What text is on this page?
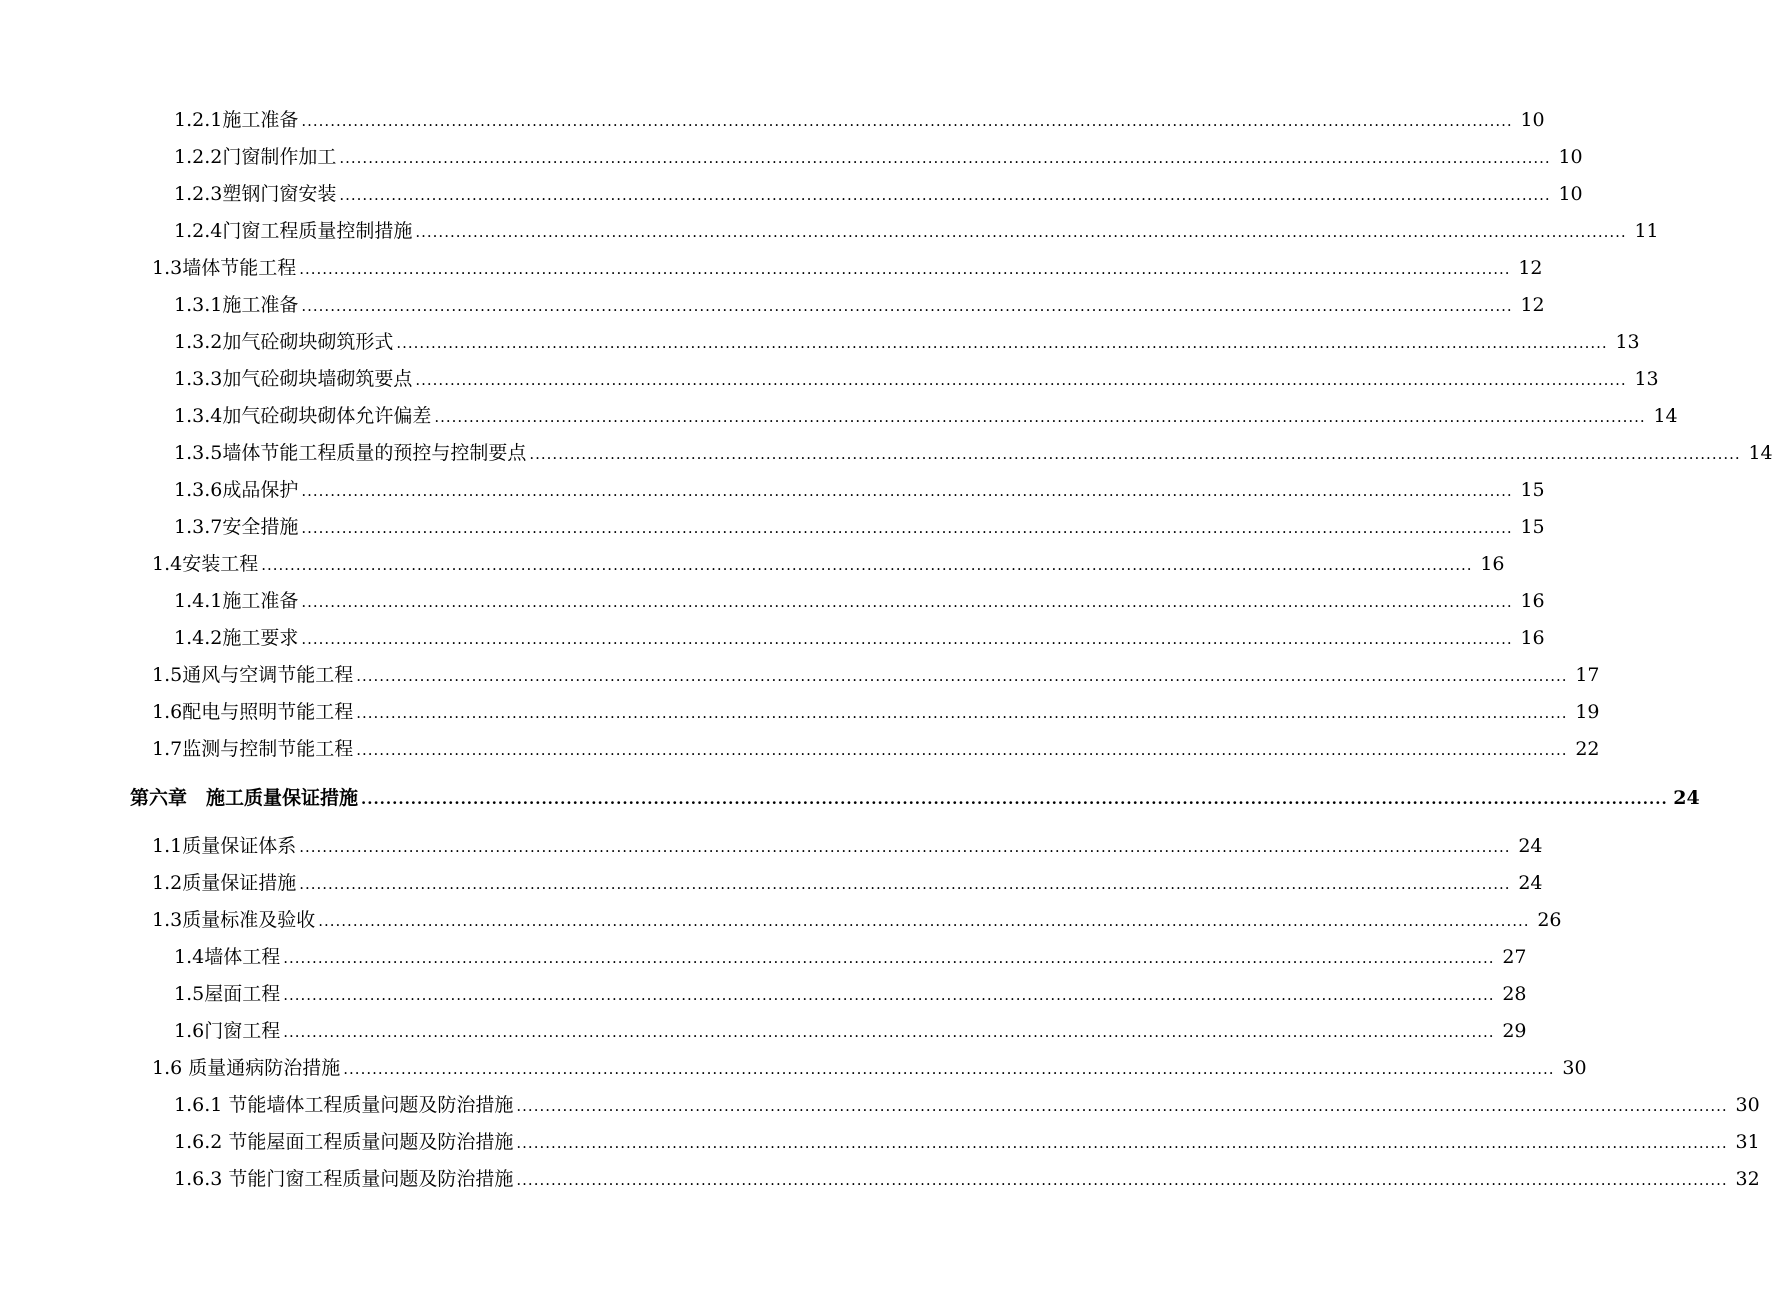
1.2.1施工准备 .....	10
1.2.2门窗制作加工 .....	10
1.2.3塑钢门窗安装 .....	10
1.2.4门窗工程质量控制措施 .....	11
1.3墙体节能工程 .....	12
1.3.1施工准备 .....	12
1.3.2加气砼砌块砌筑形式 .....	13
1.3.3加气砼砌块墙砌筑要点 .....	13
1.3.4加气砼砌块砌体允许偏差 .....	14
1.3.5墙体节能工程质量的预控与控制要点 .....	14
1.3.6成品保护 .....	15
1.3.7安全措施 .....	15
1.4安装工程 .....	16
1.4.1施工准备 .....	16
1.4.2施工要求 .....	16
1.5通风与空调节能工程 .....	17
1.6配电与照明节能工程 .....	19
1.7监测与控制节能工程 .....	22
第六章　施工质量保证措施 .....	24
1.1质量保证体系 .....	24
1.2质量保证措施 .....	24
1.3质量标准及验收 .....	26
1.4墙体工程 .....	27
1.5屋面工程 .....	28
1.6门窗工程 .....	29
1.6 质量通病防治措施 .....	30
1.6.1 节能墙体工程质量问题及防治措施 .....	30
1.6.2 节能屋面工程质量问题及防治措施 .....	31
1.6.3 节能门窗工程质量问题及防治措施 .....	32
